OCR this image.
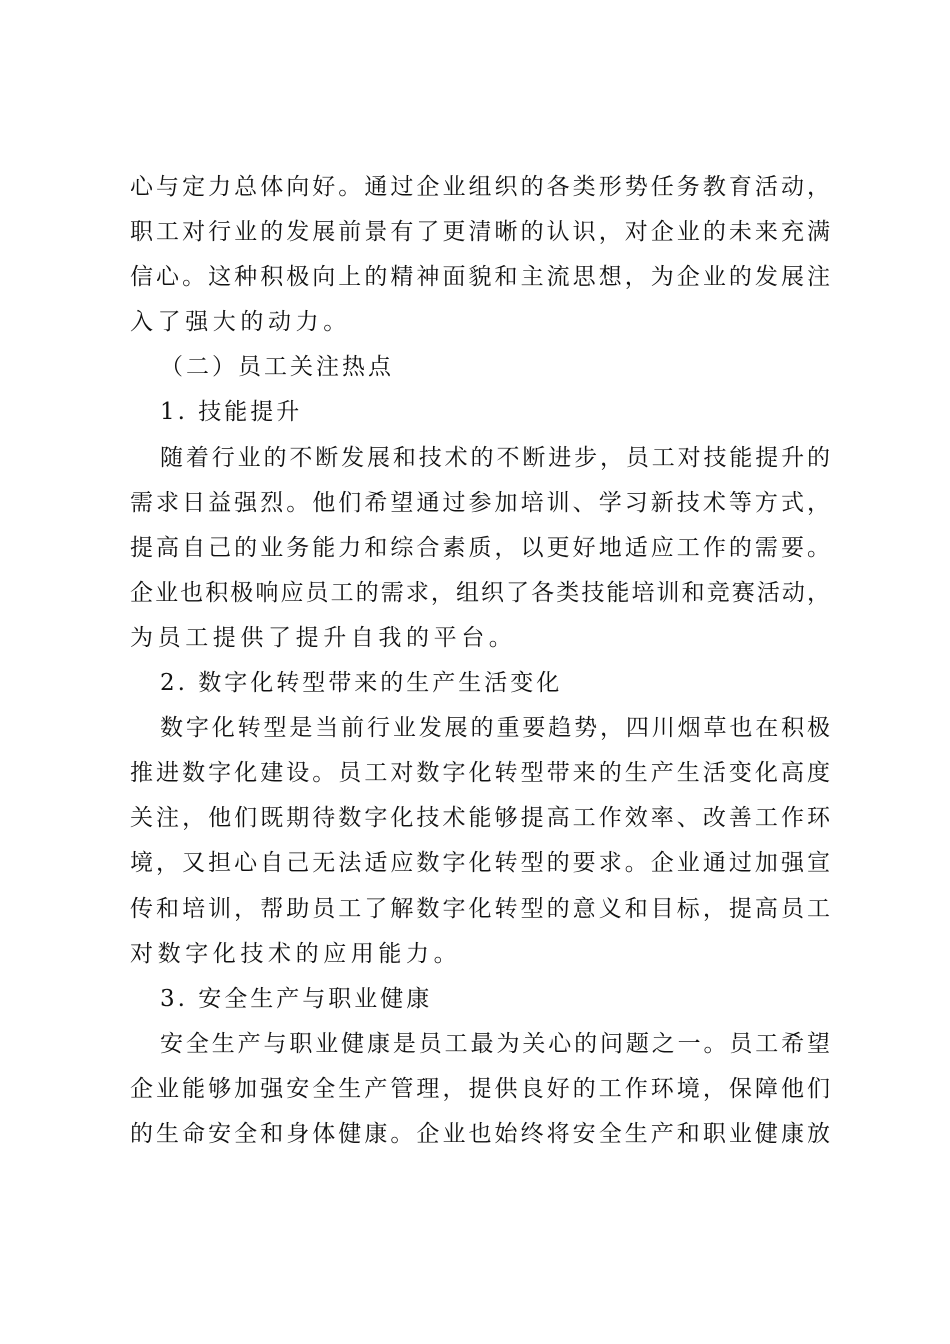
心与定力总体向好。通过企业组织的各类形势任务教育活动，
职工对行业的发展前景有了更清晰的认识，对企业的未来充满
信心。这种积极向上的精神面貌和主流思想，为企业的发展注
入了强大的动力。
（二）员工关注热点
1. 技能提升
随着行业的不断发展和技术的不断进步，员工对技能提升的
需求日益强烈。他们希望通过参加培训、学习新技术等方式，
提高自己的业务能力和综合素质，以更好地适应工作的需要。
企业也积极响应员工的需求，组织了各类技能培训和竞赛活动，
为员工提供了提升自我的平台。
2. 数字化转型带来的生产生活变化
数字化转型是当前行业发展的重要趋势，四川烟草也在积极
推进数字化建设。员工对数字化转型带来的生产生活变化高度
关注，他们既期待数字化技术能够提高工作效率、改善工作环
境，又担心自己无法适应数字化转型的要求。企业通过加强宣
传和培训，帮助员工了解数字化转型的意义和目标，提高员工
对数字化技术的应用能力。
3. 安全生产与职业健康
安全生产与职业健康是员工最为关心的问题之一。员工希望
企业能够加强安全生产管理，提供良好的工作环境，保障他们
的生命安全和身体健康。企业也始终将安全生产和职业健康放
